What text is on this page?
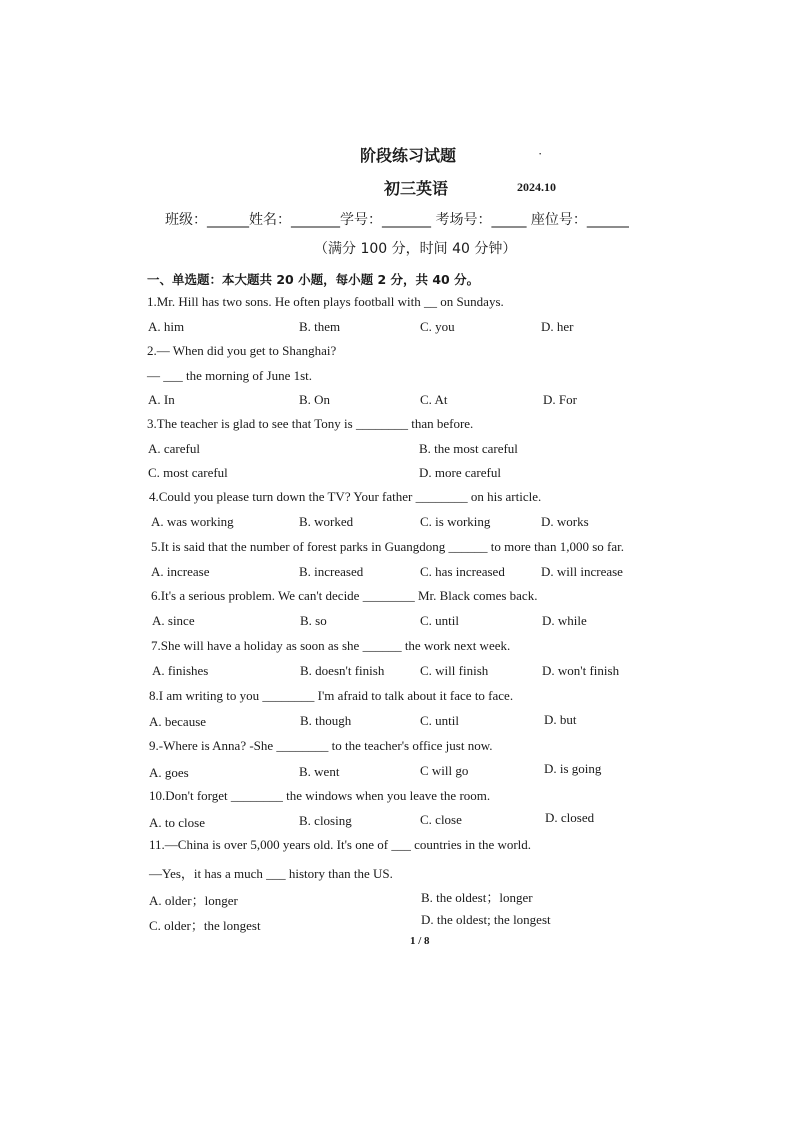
阶段练习试题	·
初三英语	2024.10
班级：______姓名：_______学号：_______ 考场号：_____ 座位号：______
（满分 100 分，时间 40 分钟）
一、单选题：本大题共 20 小题，每小题 2 分，共 40 分。
1.Mr. Hill has two sons. He often plays football with __ on Sundays.
A. him	B. them	C. you	D. her
2.— When did you get to Shanghai?
— ___ the morning of June 1st.
A. In	B. On	C. At	D. For
3.The teacher is glad to see that Tony is ________ than before.
A. careful	B. the most careful
C. most careful	D. more careful
4.Could you please turn down the TV? Your father ________ on his article.
A. was working	B. worked	C. is working	D. works
5.It is said that the number of forest parks in Guangdong ______ to more than 1,000 so far.
A. increase	B. increased	C. has increased	D. will increase
6.It's a serious problem. We can't decide ________ Mr. Black comes back.
A. since	B. so	C. until	D. while
7.She will have a holiday as soon as she ______ the work next week.
A. finishes	B. doesn't finish	C. will finish	D. won't finish
8.I am writing to you ________ I'm afraid to talk about it face to face.
A. because	B. though	C. until	D. but
9.-Where is Anna? -She ________ to the teacher's office just now.
A. goes	B. went	C will go	D. is going
10.Don't forget ________ the windows when you leave the room.
A. to close	B. closing	C. close	D. closed
11.—China is over 5,000 years old. It's one of ___ countries in the world.
—Yes，it has a much ___ history than the US.
A. older；longer	B. the oldest；longer
C. older；the longest	D. the oldest; the longest
1 / 8
